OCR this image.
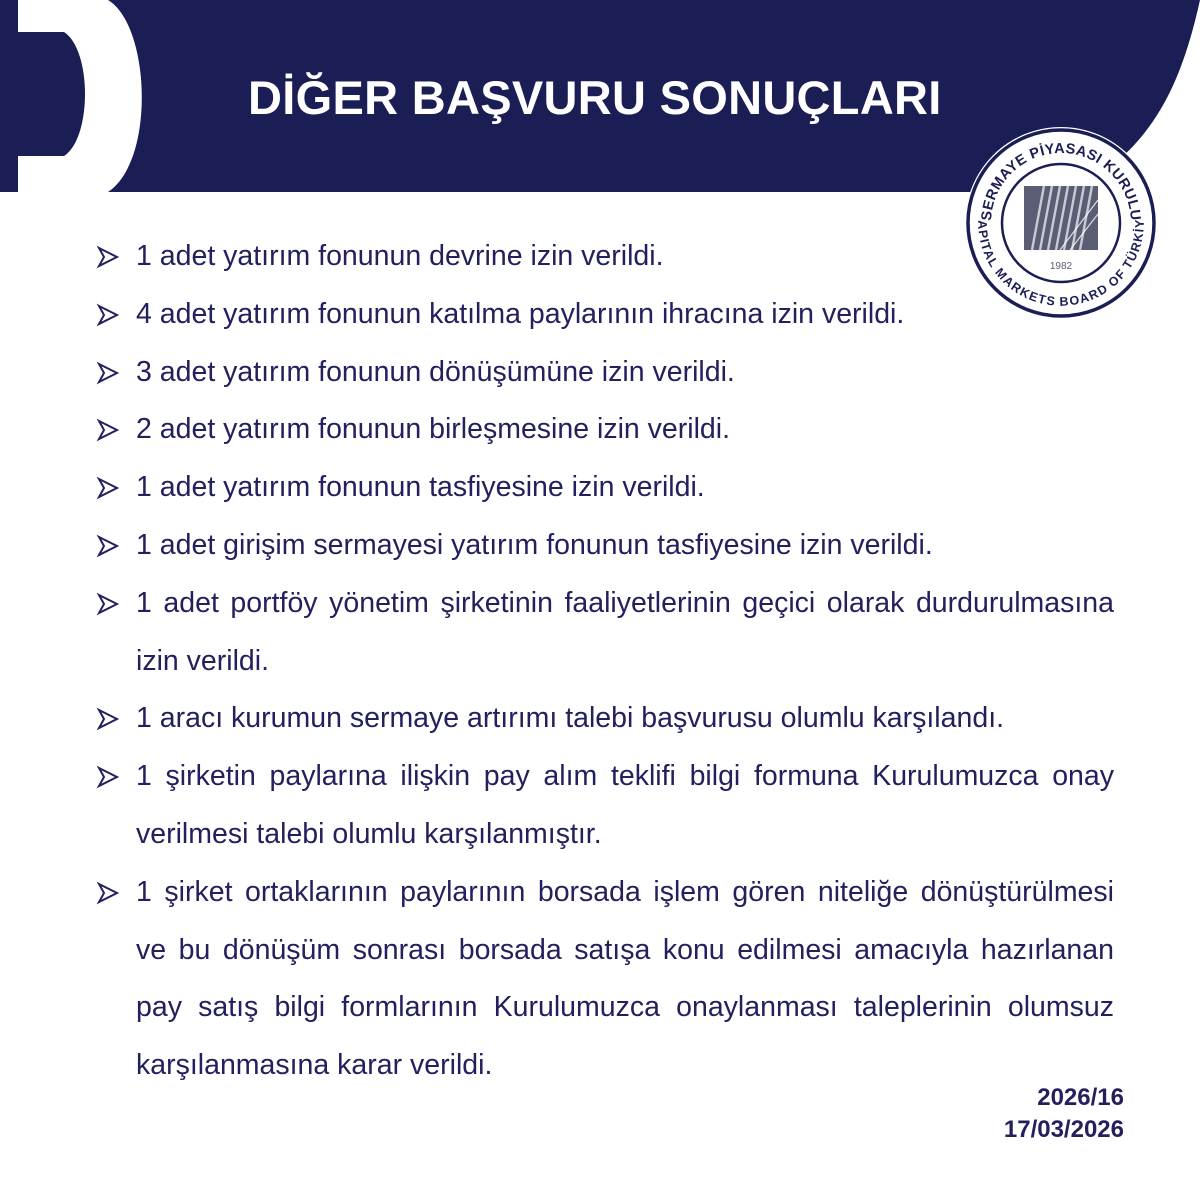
DİĞER BAŞVURU SONUÇLARI
SERMAYE PİYASASI KURULU
APITAL MARKETS BOARD OF TÜRKİY
1982
1 adet yatırım fonunun devrine izin verildi.
4 adet yatırım fonunun katılma paylarının ihracına izin verildi.
3 adet yatırım fonunun dönüşümüne izin verildi.
2 adet yatırım fonunun birleşmesine izin verildi.
1 adet yatırım fonunun tasfiyesine izin verildi.
1 adet girişim sermayesi yatırım fonunun tasfiyesine izin verildi.
1 adet portföy yönetim şirketinin faaliyetlerinin geçici olarak durdurulmasına izin verildi.
1 aracı kurumun sermaye artırımı talebi başvurusu olumlu karşılandı.
1 şirketin paylarına ilişkin pay alım teklifi bilgi formuna Kurulumuzca onay verilmesi talebi olumlu karşılanmıştır.
1 şirket ortaklarının paylarının borsada işlem gören niteliğe dönüştürülmesi ve bu dönüşüm sonrası borsada satışa konu edilmesi amacıyla hazırlanan pay satış bilgi formlarının Kurulumuzca onaylanması taleplerinin olumsuz karşılanmasına karar verildi.
2026/16
17/03/2026
